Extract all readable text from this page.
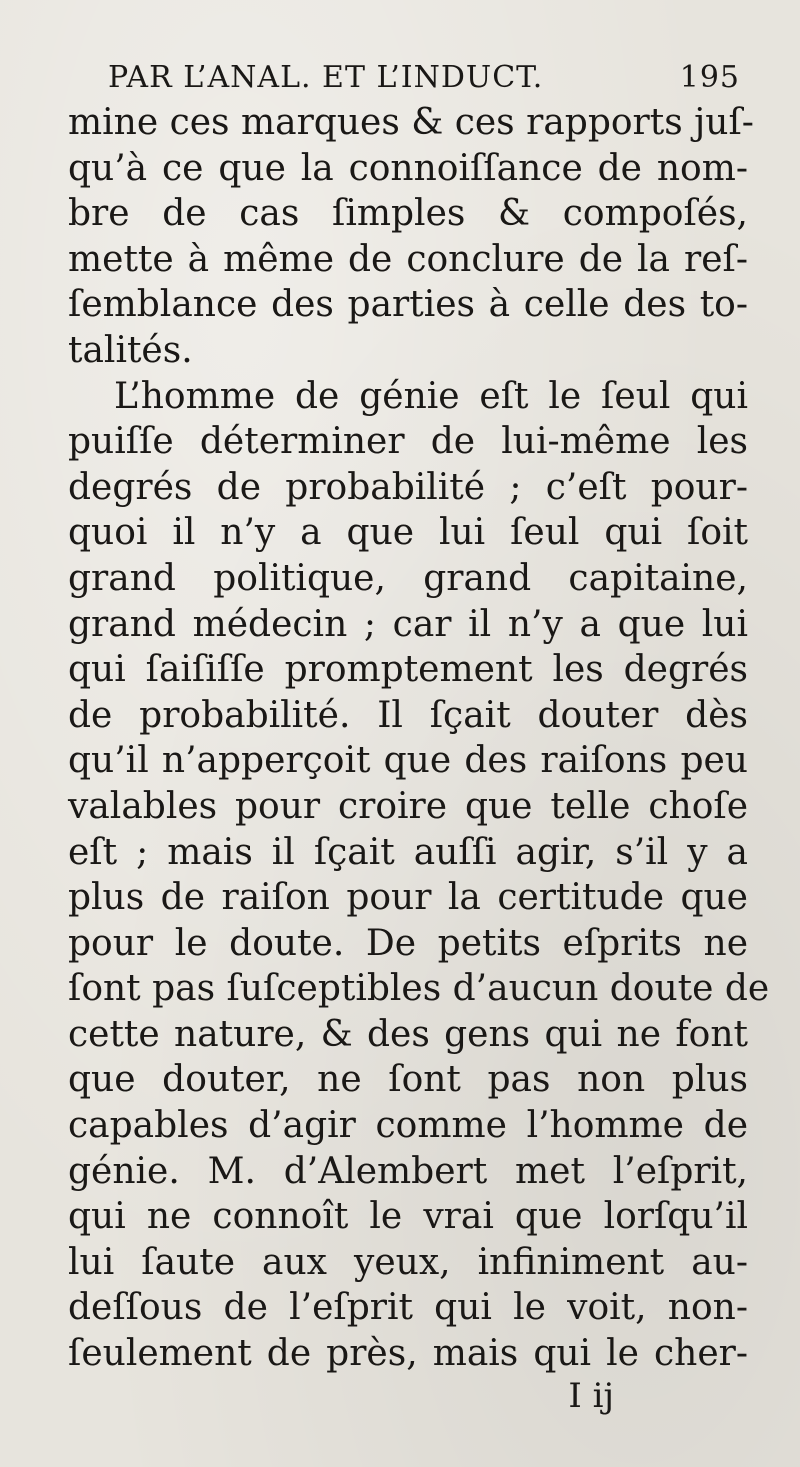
PAR L’ANAL. ET L’INDUCT.	195
mine ces marques & ces rapports juſ-
qu’à ce que la connoiſſance de nom-
bre de cas ſimples & compoſés,
mette à même de conclure de la reſ-
ſemblance des parties à celle des to-
talités.
L’homme de génie eſt le ſeul qui
puiſſe déterminer de lui-même les
degrés de probabilité ; c’eſt pour-
quoi il n’y a que lui ſeul qui ſoit
grand politique, grand capitaine,
grand médecin ; car il n’y a que lui
qui ſaiſiſſe promptement les degrés
de probabilité. Il ſçait douter dès
qu’il n’apperçoit que des raiſons peu
valables pour croire que telle choſe
eſt ; mais il ſçait auſſi agir, s’il y a
plus de raiſon pour la certitude que
pour le doute. De petits eſprits ne
ſont pas ſuſceptibles d’aucun doute de
cette nature, & des gens qui ne font
que douter, ne ſont pas non plus
capables d’agir comme l’homme de
génie. M. d’Alembert met l’eſprit,
qui ne connoît le vrai que lorſqu’il
lui ſaute aux yeux, infiniment au-
deſſous de l’eſprit qui le voit, non-
ſeulement de près, mais qui le cher-
I ij
